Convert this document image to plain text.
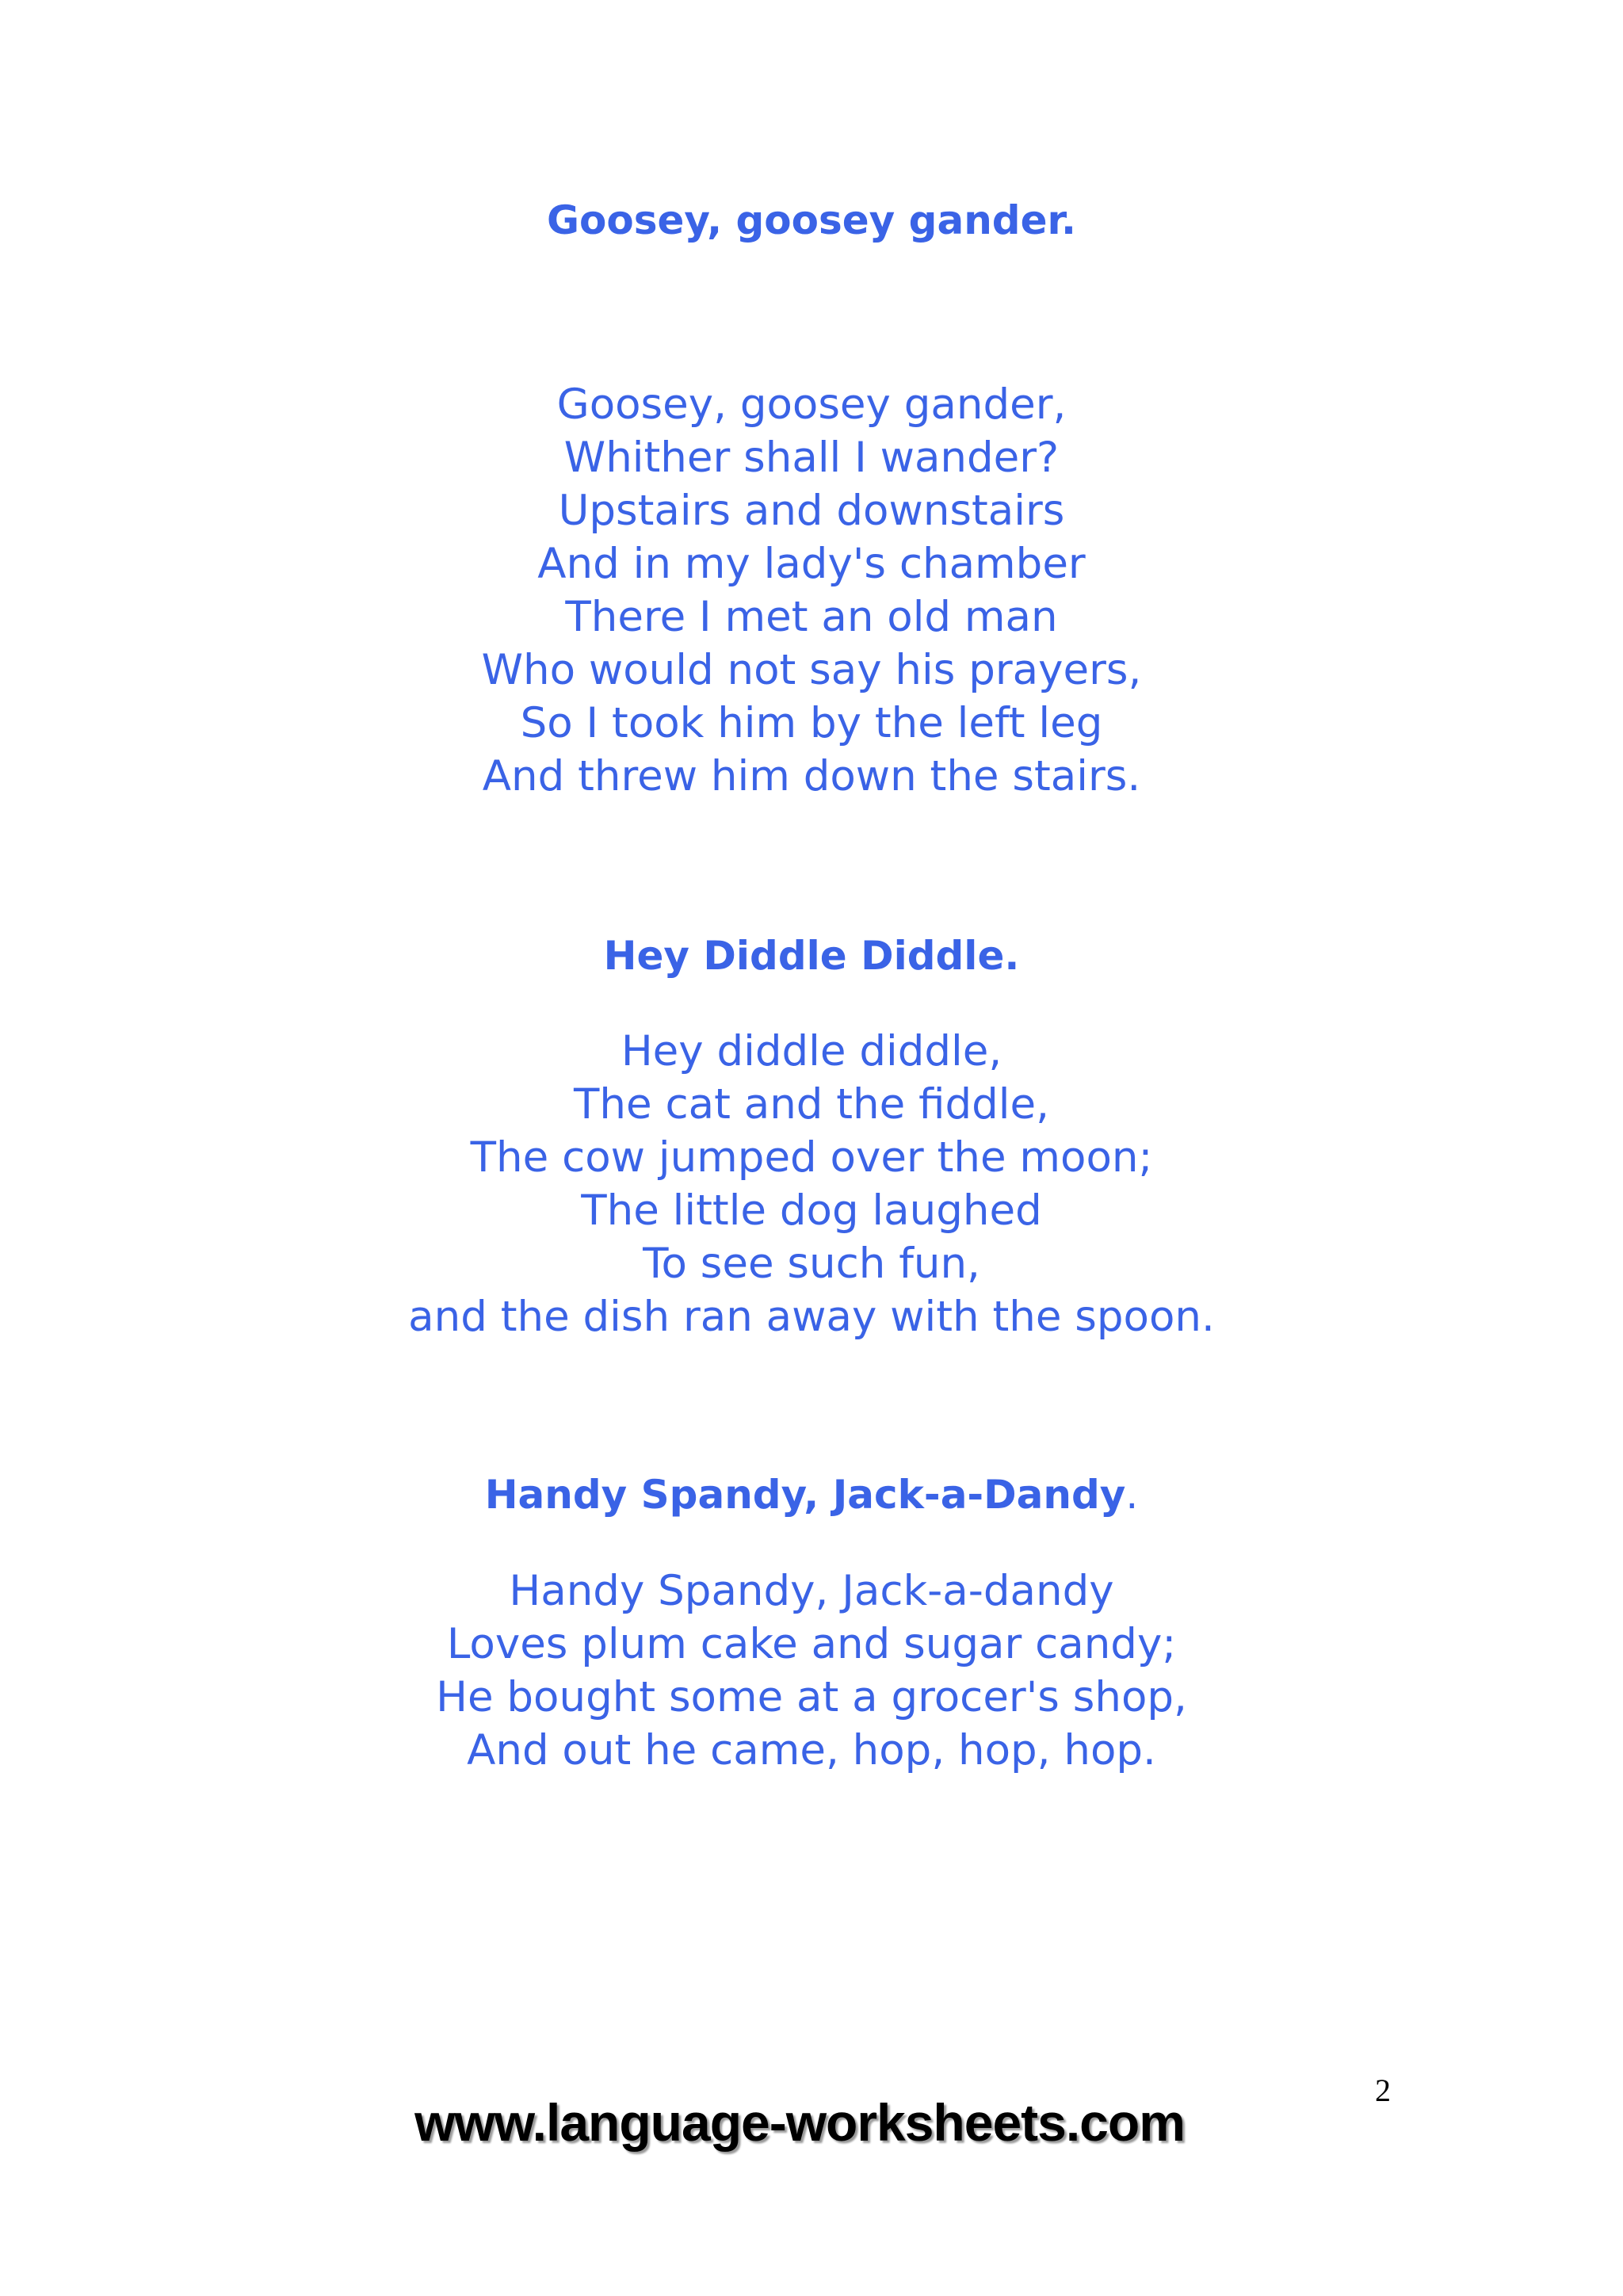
Goosey, goosey gander.
Goosey, goosey gander,
Whither shall I wander?
Upstairs and downstairs
And in my lady's chamber
There I met an old man
Who would not say his prayers,
So I took him by the left leg
And threw him down the stairs.
Hey Diddle Diddle.
Hey diddle diddle,
The cat and the fiddle,
The cow jumped over the moon;
The little dog laughed
To see such fun,
and the dish ran away with the spoon.
Handy Spandy, Jack-a-Dandy.
Handy Spandy, Jack-a-dandy
Loves plum cake and sugar candy;
He bought some at a grocer's shop,
And out he came, hop, hop, hop.
2
www.language-worksheets.com
